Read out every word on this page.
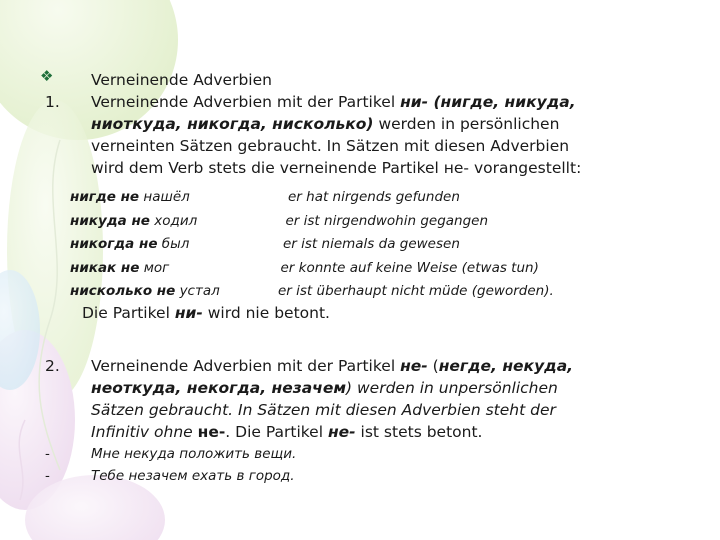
❖ Verneinende Adverbien
1. Verneinende Adverbien mit der Partikel ни- (нигде, никуда,
ниоткуда, никогда, нисколько) werden in persönlichen
verneinten Sätzen gebraucht. In Sätzen mit diesen Adverbien
wird dem Verb stets die verneinende Partikel не- vorangestellt:
нигде не нашёл	er hat nirgends gefunden
никуда не ходил	er ist nirgendwohin gegangen
никогда не был	er ist niemals da gewesen
никак не мог	er konnte auf keine Weise (etwas tun)
нисколько не устал	er ist überhaupt nicht müde (geworden).
Die Partikel ни- wird nie betont.
2. Verneinende Adverbien mit der Partikel не- (негде, некуда,
неоткуда, некогда, незачем) werden in unpersönlichen
Sätzen gebraucht. In Sätzen mit diesen Adverbien steht der
Infinitiv ohne не-. Die Partikel не- ist stets betont.
-	Мне некуда положить вещи.
-	Тебе незачем ехать в город.
